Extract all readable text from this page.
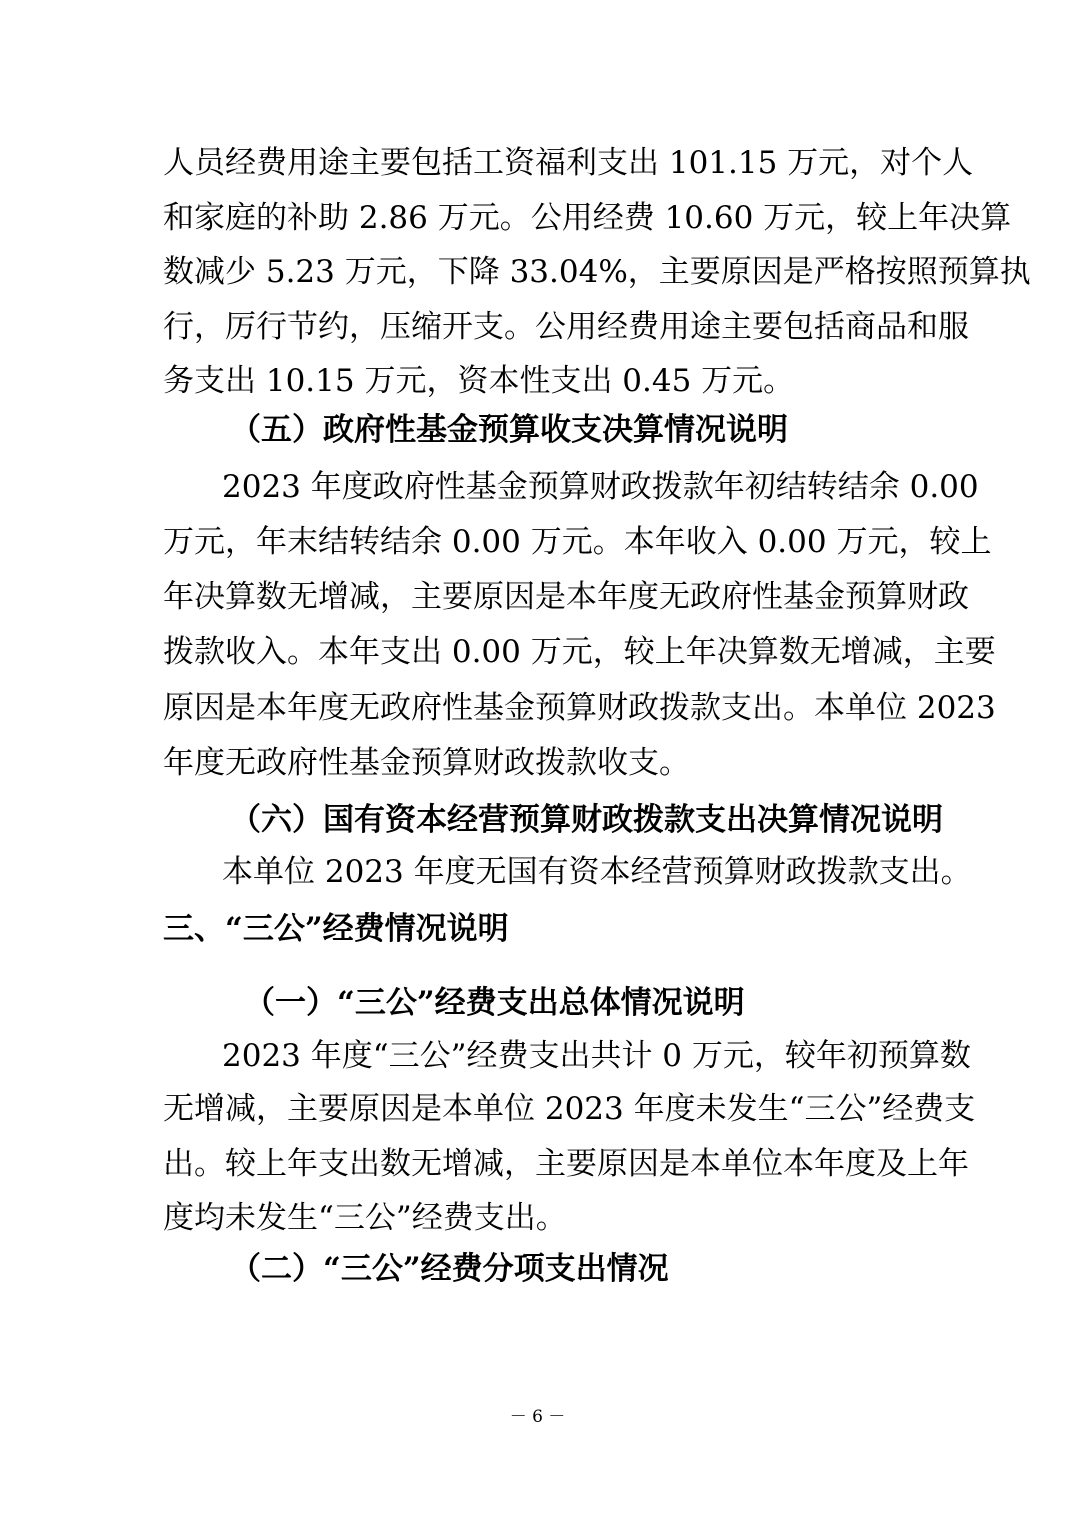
人员经费用途主要包括工资福利支出 101.15 万元，对个人
和家庭的补助 2.86 万元。公用经费 10.60 万元，较上年决算
数减少 5.23 万元，下降 33.04%，主要原因是严格按照预算执
行，厉行节约，压缩开支。公用经费用途主要包括商品和服
务支出 10.15 万元，资本性支出 0.45 万元。
（五）政府性基金预算收支决算情况说明
2023 年度政府性基金预算财政拨款年初结转结余 0.00
万元，年末结转结余 0.00 万元。本年收入 0.00 万元，较上
年决算数无增减，主要原因是本年度无政府性基金预算财政
拨款收入。本年支出 0.00 万元，较上年决算数无增减，主要
原因是本年度无政府性基金预算财政拨款支出。本单位 2023
年度无政府性基金预算财政拨款收支。
（六）国有资本经营预算财政拨款支出决算情况说明
本单位 2023 年度无国有资本经营预算财政拨款支出。
三、“三公”经费情况说明
（一）“三公”经费支出总体情况说明
2023 年度“三公”经费支出共计 0 万元，较年初预算数
无增减，主要原因是本单位 2023 年度未发生“三公”经费支
出。较上年支出数无增减，主要原因是本单位本年度及上年
度均未发生“三公”经费支出。
（二）“三公”经费分项支出情况
－ 6 －
